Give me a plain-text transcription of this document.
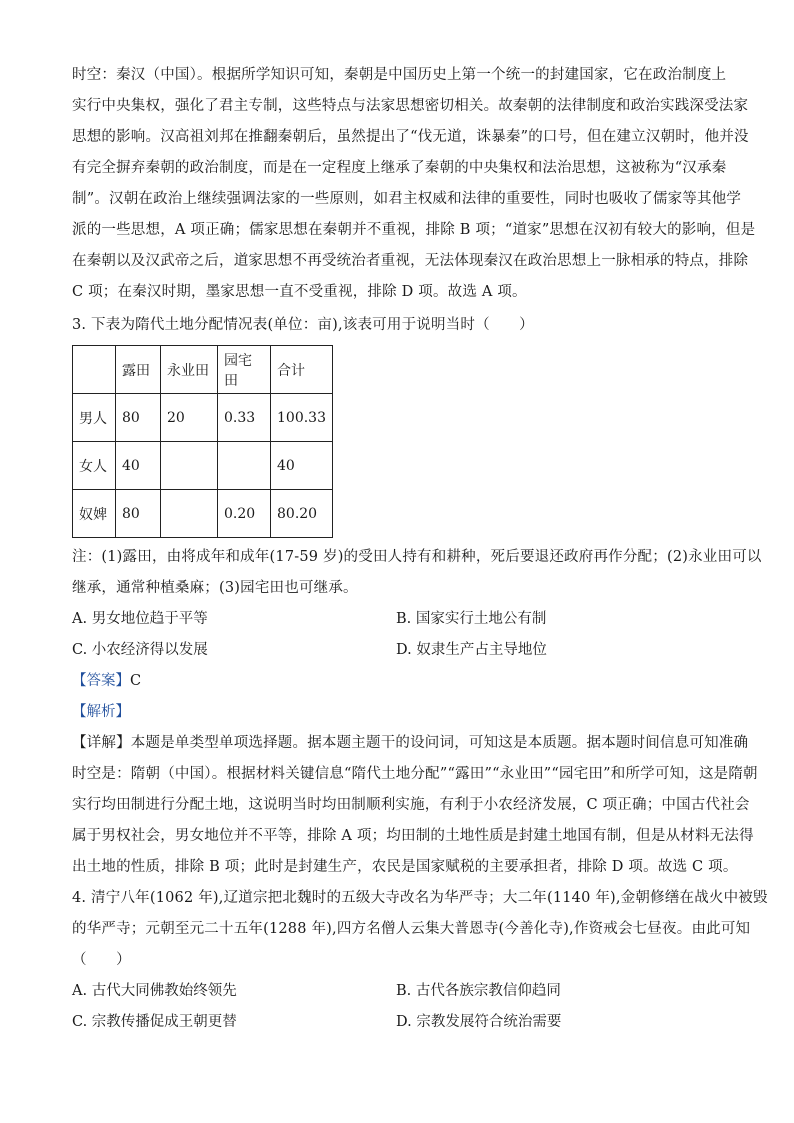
时空：秦汉（中国）。根据所学知识可知，秦朝是中国历史上第一个统一的封建国家，它在政治制度上
实行中央集权，强化了君主专制，这些特点与法家思想密切相关。故秦朝的法律制度和政治实践深受法家
思想的影响。汉高祖刘邦在推翻秦朝后，虽然提出了“伐无道，诛暴秦”的口号，但在建立汉朝时，他并没
有完全摒弃秦朝的政治制度，而是在一定程度上继承了秦朝的中央集权和法治思想，这被称为“汉承秦
制”。汉朝在政治上继续强调法家的一些原则，如君主权威和法律的重要性，同时也吸收了儒家等其他学
派的一些思想，A 项正确；儒家思想在秦朝并不重视，排除 B 项；“道家”思想在汉初有较大的影响，但是
在秦朝以及汉武帝之后，道家思想不再受统治者重视，无法体现秦汉在政治思想上一脉相承的特点，排除
C 项；在秦汉时期，墨家思想一直不受重视，排除 D 项。故选 A 项。
3. 下表为隋代土地分配情况表(单位：亩),该表可用于说明当时（　　）
	露田	永业田	园宅田	合计
男人	80	20	0.33	100.33
女人	40			40
奴婢	80		0.20	80.20
注：(1)露田，由将成年和成年(17-59 岁)的受田人持有和耕种，死后要退还政府再作分配；(2)永业田可以
继承，通常种植桑麻；(3)园宅田也可继承。
A. 男女地位趋于平等	B. 国家实行土地公有制
C. 小农经济得以发展	D. 奴隶生产占主导地位
【答案】C
【解析】
【详解】本题是单类型单项选择题。据本题主题干的设问词，可知这是本质题。据本题时间信息可知准确
时空是：隋朝（中国）。根据材料关键信息“隋代土地分配”“露田”“永业田”“园宅田”和所学可知，这是隋朝
实行均田制进行分配土地，这说明当时均田制顺利实施，有利于小农经济发展，C 项正确；中国古代社会
属于男权社会，男女地位并不平等，排除 A 项；均田制的土地性质是封建土地国有制，但是从材料无法得
出土地的性质，排除 B 项；此时是封建生产，农民是国家赋税的主要承担者，排除 D 项。故选 C 项。
4. 清宁八年(1062 年),辽道宗把北魏时的五级大寺改名为华严寺；大二年(1140 年),金朝修缮在战火中被毁
的华严寺；元朝至元二十五年(1288 年),四方名僧人云集大普恩寺(今善化寺),作资戒会七昼夜。由此可知
（　　）
A. 古代大同佛教始终领先	B. 古代各族宗教信仰趋同
C. 宗教传播促成王朝更替	D. 宗教发展符合统治需要
